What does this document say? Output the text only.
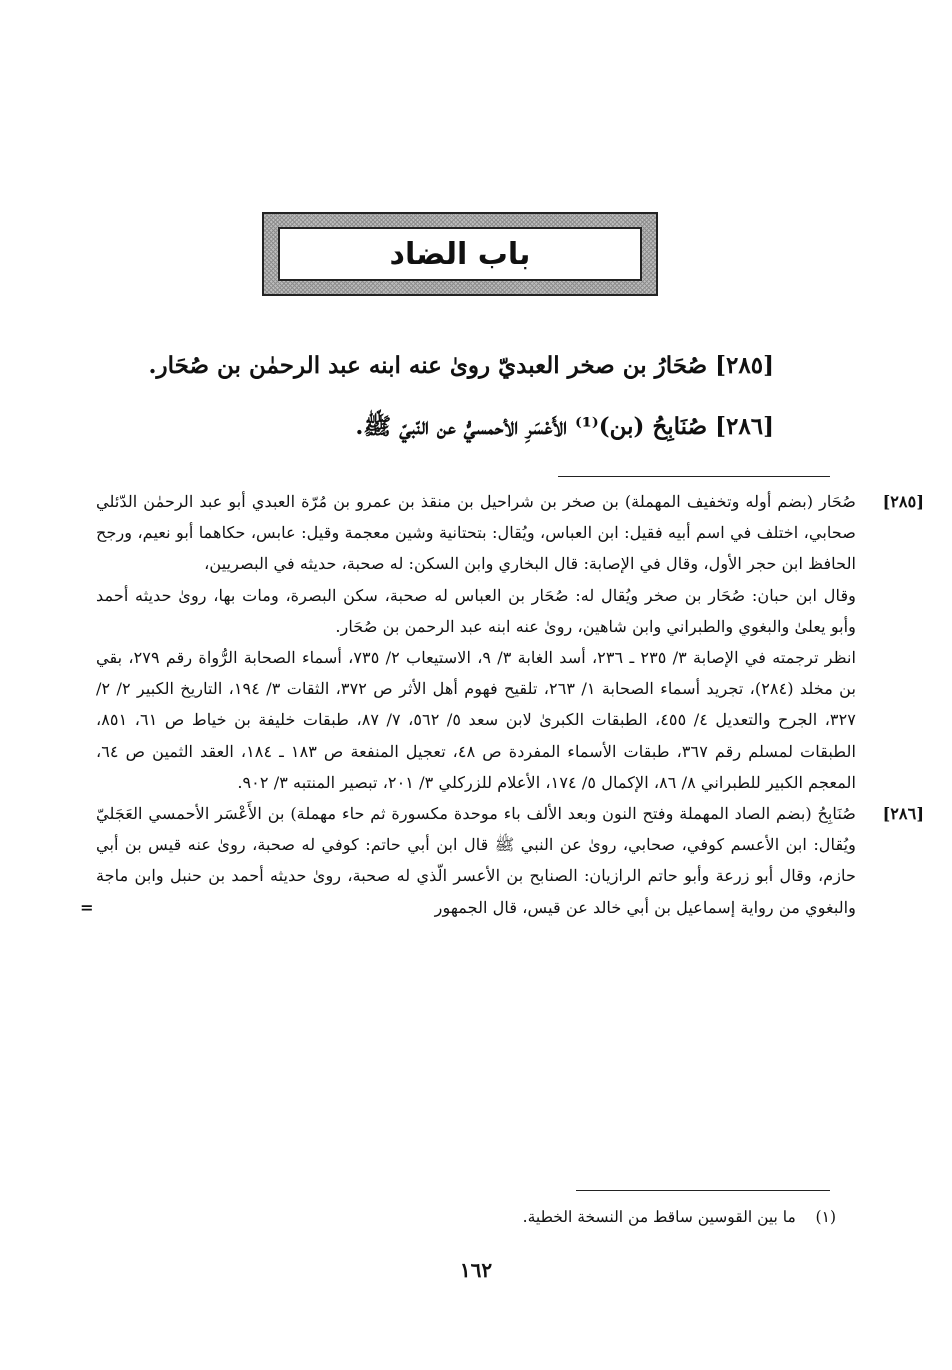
باب الضاد
[٢٨٥] صُحَارُ بن صخر العبديّ روىٰ عنه ابنه عبد الرحمٰن بن صُحَار.
[٢٨٦] صُنَابِحُ (بن)⁽¹⁾ الأَعْسَرِ الأحمسيُّ عن النّبيّ ﷺ.
[٢٨٥]

صُحَار (بضم أوله وتخفيف المهملة) بن صخر بن شراحيل بن منقذ بن عمرو بن مُرّة العبدي أبو عبد الرحمٰن الدّئلي صحابي، اختلف في اسم أبيه فقيل: ابن العباس، ويُقال: بتحتانية وشين معجمة وقيل: عابس، حكاهما أبو نعيم، ورجح الحافظ ابن حجر الأول، وقال في الإصابة: قال البخاري وابن السكن: له صحبة، حديثه في البصريين،

وقال ابن حبان: صُحَار بن صخر ويُقال له: صُحَار بن العباس له صحبة، سكن البصرة، ومات بها، روىٰ حديثه أحمد وأبو يعلىٰ والبغوي والطبراني وابن شاهين، روىٰ عنه ابنه عبد الرحمن بن صُحَار.

انظر ترجمته في الإصابة ٣/ ٢٣٥ ـ ٢٣٦، أسد الغابة ٣/ ٩، الاستيعاب ٢/ ٧٣٥، أسماء الصحابة الرُّواة رقم ٢٧٩، بقي بن مخلد (٢٨٤)، تجريد أسماء الصحابة ١/ ٢٦٣، تلقيح فهوم أهل الأثر ص ٣٧٢، الثقات ٣/ ١٩٤، التاريخ الكبير ٢/ ٢/ ٣٢٧، الجرح والتعديل ٤/ ٤٥٥، الطبقات الكبرىٰ لابن سعد ٥/ ٥٦٢، ٧/ ٨٧، طبقات خليفة بن خياط ص ٦١، ٨٥١، الطبقات لمسلم رقم ٣٦٧، طبقات الأسماء المفردة ص ٤٨، تعجيل المنفعة ص ١٨٣ ـ ١٨٤، العقد الثمين ص ٦٤، المعجم الكبير للطبراني ٨/ ٨٦، الإكمال ٥/ ١٧٤، الأعلام للزركلي ٣/ ٢٠١، تبصير المنتبه ٣/ ٩٠٢.

[٢٨٦]

صُنَابِحُ (بضم الصاد المهملة وفتح النون وبعد الألف باء موحدة مكسورة ثم حاء مهملة) بن الأَعْسَر الأحمسي العَجَليّ ويُقال: ابن الأعسم كوفي، صحابي، روىٰ عن النبي ﷺ قال ابن أبي حاتم: كوفي له صحبة، روىٰ عنه قيس بن أبي حازم، وقال أبو زرعة وأبو حاتم الرازيان: الصنابح بن الأعسر الّذي له صحبة، روىٰ حديثه أحمد بن حنبل وابن ماجة والبغوي من رواية إسماعيل بن أبي خالد عن قيس، قال الجمهور

=
(١)    ما بين القوسين ساقط من النسخة الخطية.
١٦٢
